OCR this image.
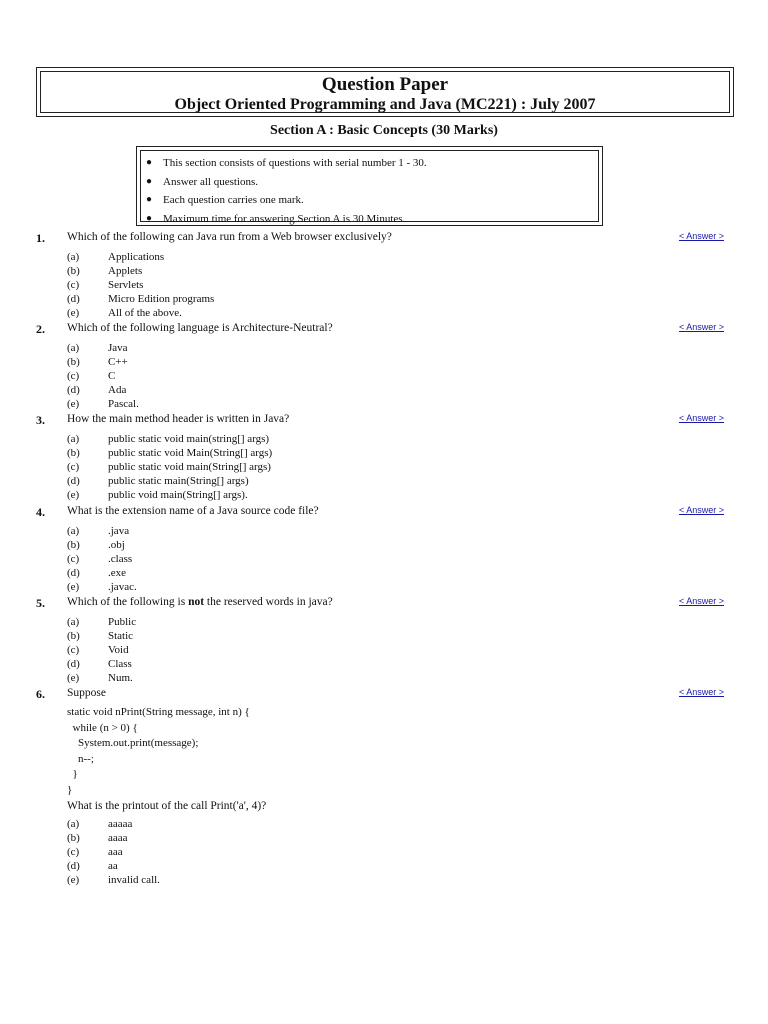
Question Paper
Object Oriented Programming and Java (MC221) : July 2007
Section A : Basic Concepts (30 Marks)
● This section consists of questions with serial number 1 - 30.
● Answer all questions.
● Each question carries one mark.
● Maximum time for answering Section A is 30 Minutes.
1. Which of the following can Java run from a Web browser exclusively?	< Answer >
(a)	Applications
(b)	Applets
(c)	Servlets
(d)	Micro Edition programs
(e)	All of the above.
2. Which of the following language is Architecture-Neutral?	< Answer >
(a)	Java
(b)	C++
(c)	C
(d)	Ada
(e)	Pascal.
3. How the main method header is written in Java?	< Answer >
(a)	public static void main(string[] args)
(b)	public static void Main(String[] args)
(c)	public static void main(String[] args)
(d)	public static main(String[] args)
(e)	public void main(String[] args).
4. What is the extension name of a Java source code file?	< Answer >
(a)	.java
(b)	.obj
(c)	.class
(d)	.exe
(e)	.javac.
5. Which of the following is not the reserved words in java?	< Answer >
(a)	Public
(b)	Static
(c)	Void
(d)	Class
(e)	Num.
6. Suppose	< Answer >
static void nPrint(String message, int n) {
while (n > 0) {
System.out.print(message);
n--;
}
}
What is the printout of the call Print('a', 4)?
(a)	aaaaa
(b)	aaaa
(c)	aaa
(d)	aa
(e)	invalid call.
